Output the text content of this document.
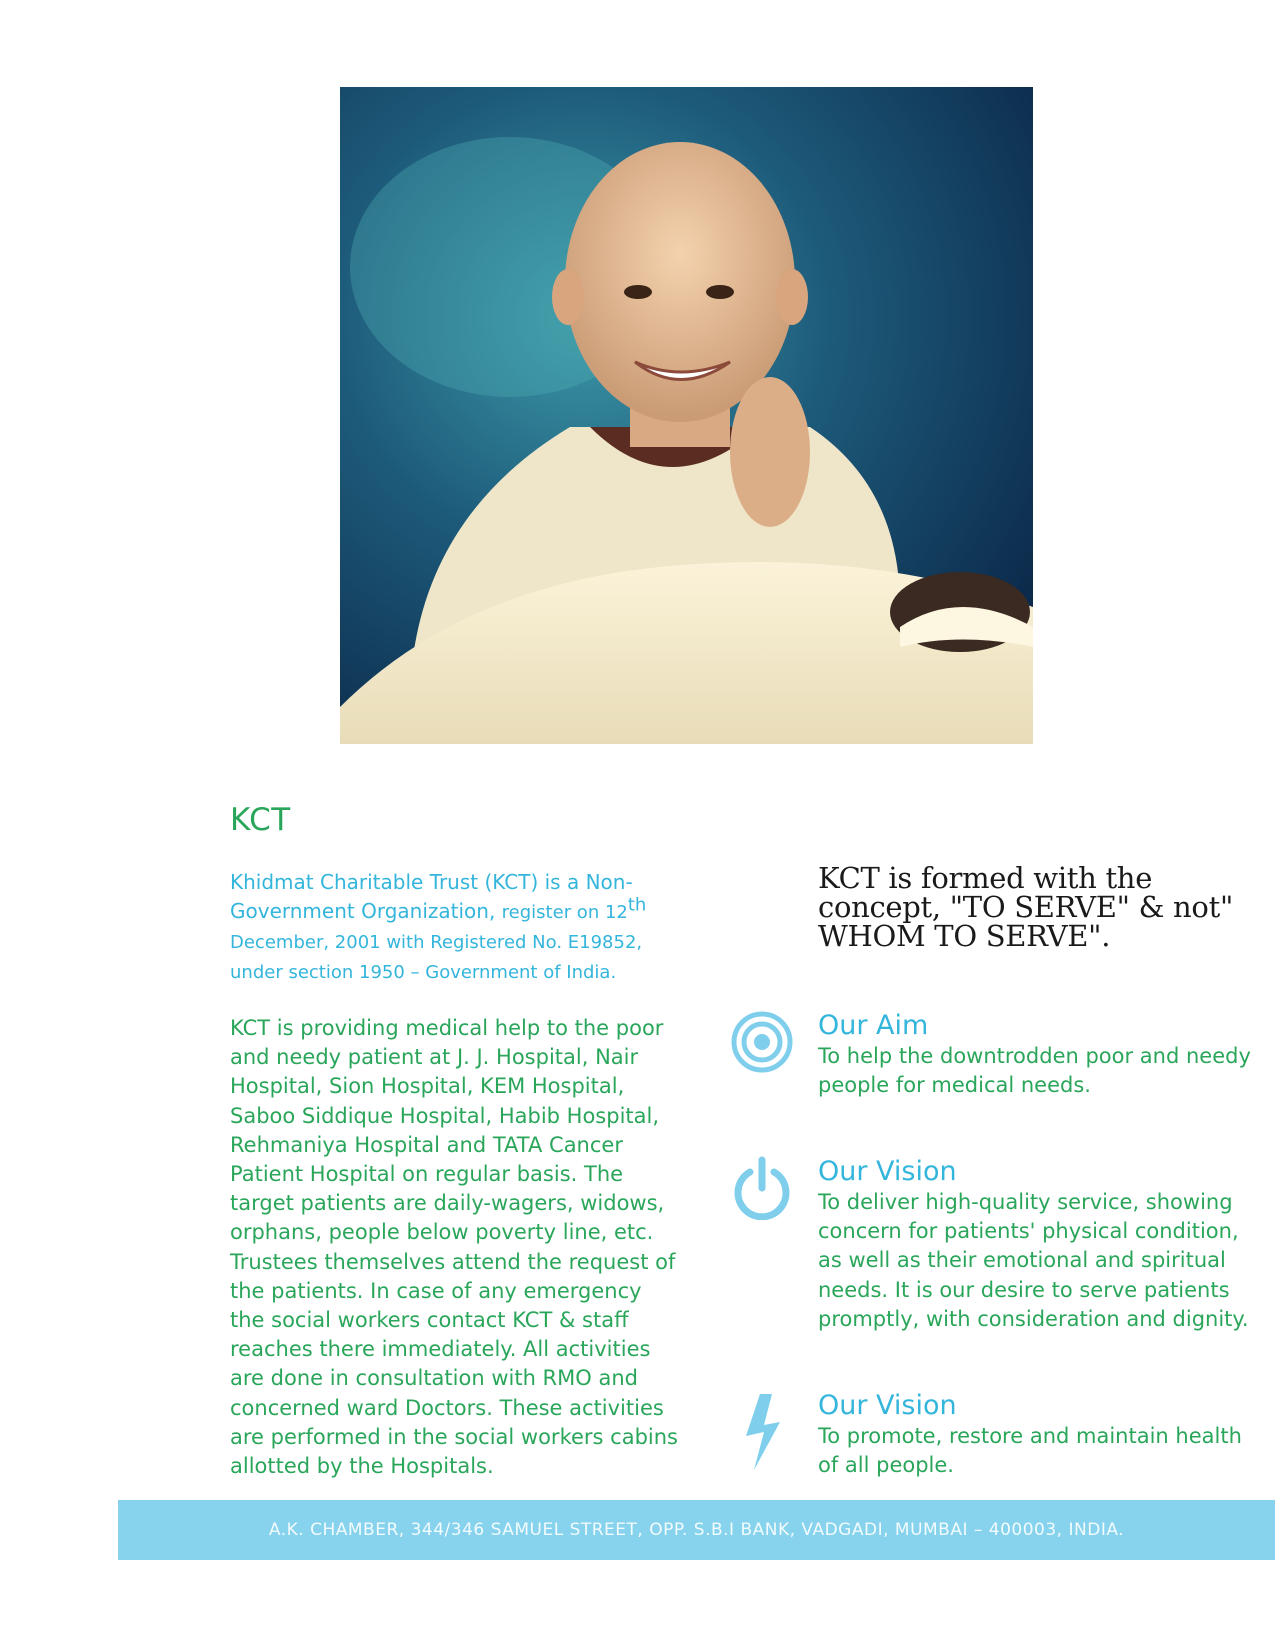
KCT
Khidmat Charitable Trust (KCT) is a Non-Government Organization, register on 12th December, 2001 with Registered No. E19852, under section 1950 – Government of India.
KCT is providing medical help to the poor and needy patient at J. J. Hospital, Nair Hospital, Sion Hospital, KEM Hospital, Saboo Siddique Hospital, Habib Hospital, Rehmaniya Hospital and TATA Cancer Patient Hospital on regular basis. The target patients are daily-wagers, widows, orphans, people below poverty line, etc. Trustees themselves attend the request of the patients. In case of any emergency the social workers contact KCT & staff reaches there immediately. All activities are done in consultation with RMO and concerned ward Doctors. These activities are performed in the social workers cabins allotted by the Hospitals.
KCT is formed with the concept, "TO SERVE" & not" WHOM TO SERVE".
Our Aim
To help the downtrodden poor and needy people for medical needs.
Our Vision
To deliver high-quality service, showing concern for patients' physical condition, as well as their emotional and spiritual needs. It is our desire to serve patients promptly, with consideration and dignity.
Our Vision
To promote, restore and maintain health of all people.
A.K. CHAMBER, 344/346 SAMUEL STREET, OPP. S.B.I BANK, VADGADI, MUMBAI – 400003, INDIA.
